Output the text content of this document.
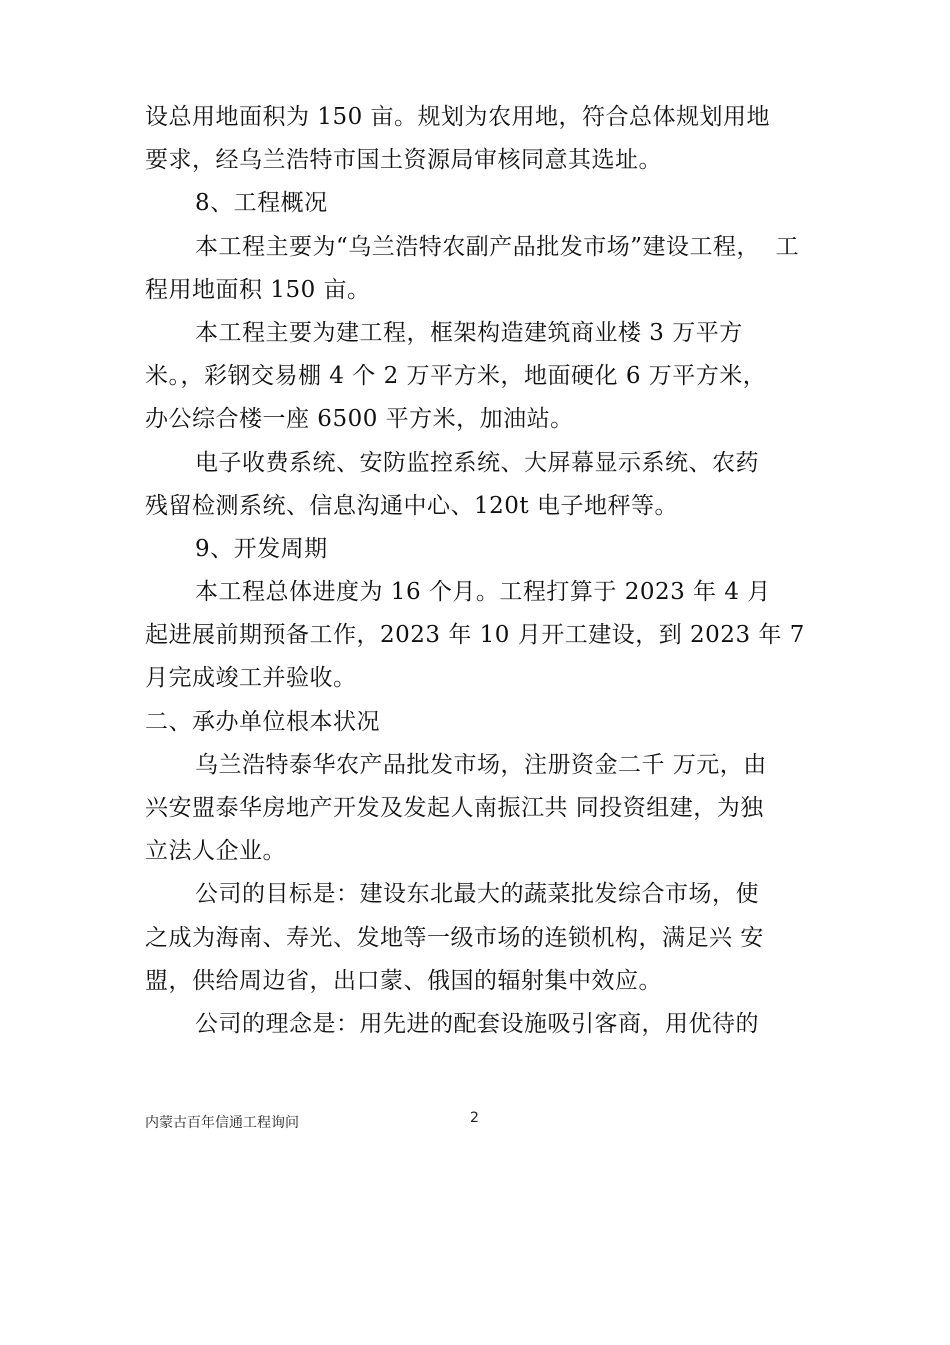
设总用地面积为 150 亩。规划为农用地，符合总体规划用地
要求，经乌兰浩特市国土资源局审核同意其选址。
8、工程概况
本工程主要为“乌兰浩特农副产品批发市场”建设工程，  工
程用地面积 150 亩。
本工程主要为建工程，框架构造建筑商业楼 3 万平方
米。，彩钢交易棚 4 个 2 万平方米，地面硬化 6 万平方米，
办公综合楼一座 6500 平方米，加油站。
电子收费系统、安防监控系统、大屏幕显示系统、农药
残留检测系统、信息沟通中心、120t 电子地秤等。
9、开发周期
本工程总体进度为 16 个月。工程打算于 2023 年 4 月
起进展前期预备工作，2023 年 10 月开工建设，到 2023 年 7
月完成竣工并验收。
二、承办单位根本状况
乌兰浩特泰华农产品批发市场，注册资金二千 万元，由
兴安盟泰华房地产开发及发起人南振江共 同投资组建，为独
立法人企业。
公司的目标是：建设东北最大的蔬菜批发综合市场，使
之成为海南、寿光、发地等一级市场的连锁机构，满足兴 安
盟，供给周边省，出口蒙、俄国的辐射集中效应。
公司的理念是：用先进的配套设施吸引客商，用优待的
内蒙古百年信通工程询问	2
